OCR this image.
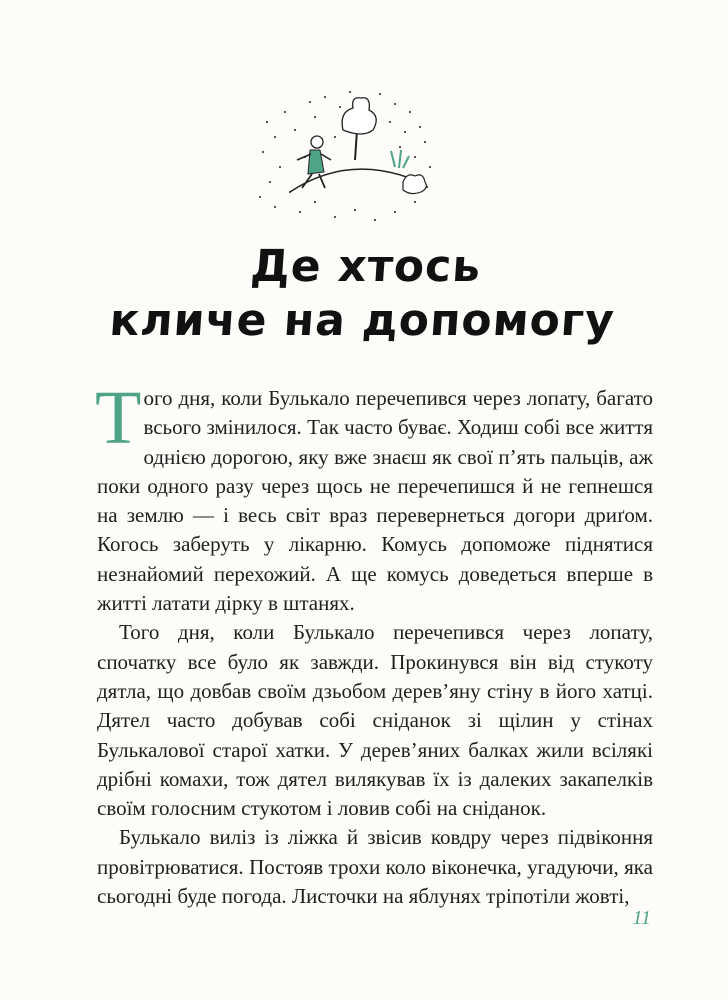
Де хтось
кличе на допомогу

Того дня, коли Булькало перечепився через лопату, багато всього змінилося. Так часто буває. Ходиш собі все життя однією дорогою, яку вже знаєш як свої п’ять пальців, аж поки одного разу через щось не перечепишся й не гепнешся на землю — і весь світ враз перевернеться догори дриґом. Когось заберуть у лікарню. Комусь допоможе піднятися незнайомий перехожий. А ще комусь доведеться вперше в житті латати дірку в штанях.

Того дня, коли Булькало перечепився через лопату, спочатку все було як завжди. Прокинувся він від стукоту дятла, що довбав своїм дзьобом дерев’яну стіну в його хатці. Дятел часто добував собі сніданок зі щілин у стінах Булькалової старої хатки. У дерев’яних балках жили всілякі дрібні комахи, тож дятел вилякував їх із далеких закапелків своїм голосним стукотом і ловив собі на сніданок.

Булькало виліз із ліжка й звісив ковдру через підвіконня провітрюватися. Постояв трохи коло віконечка, угадуючи, яка сьогодні буде погода. Листочки на яблунях тріпотіли жовті,

11
